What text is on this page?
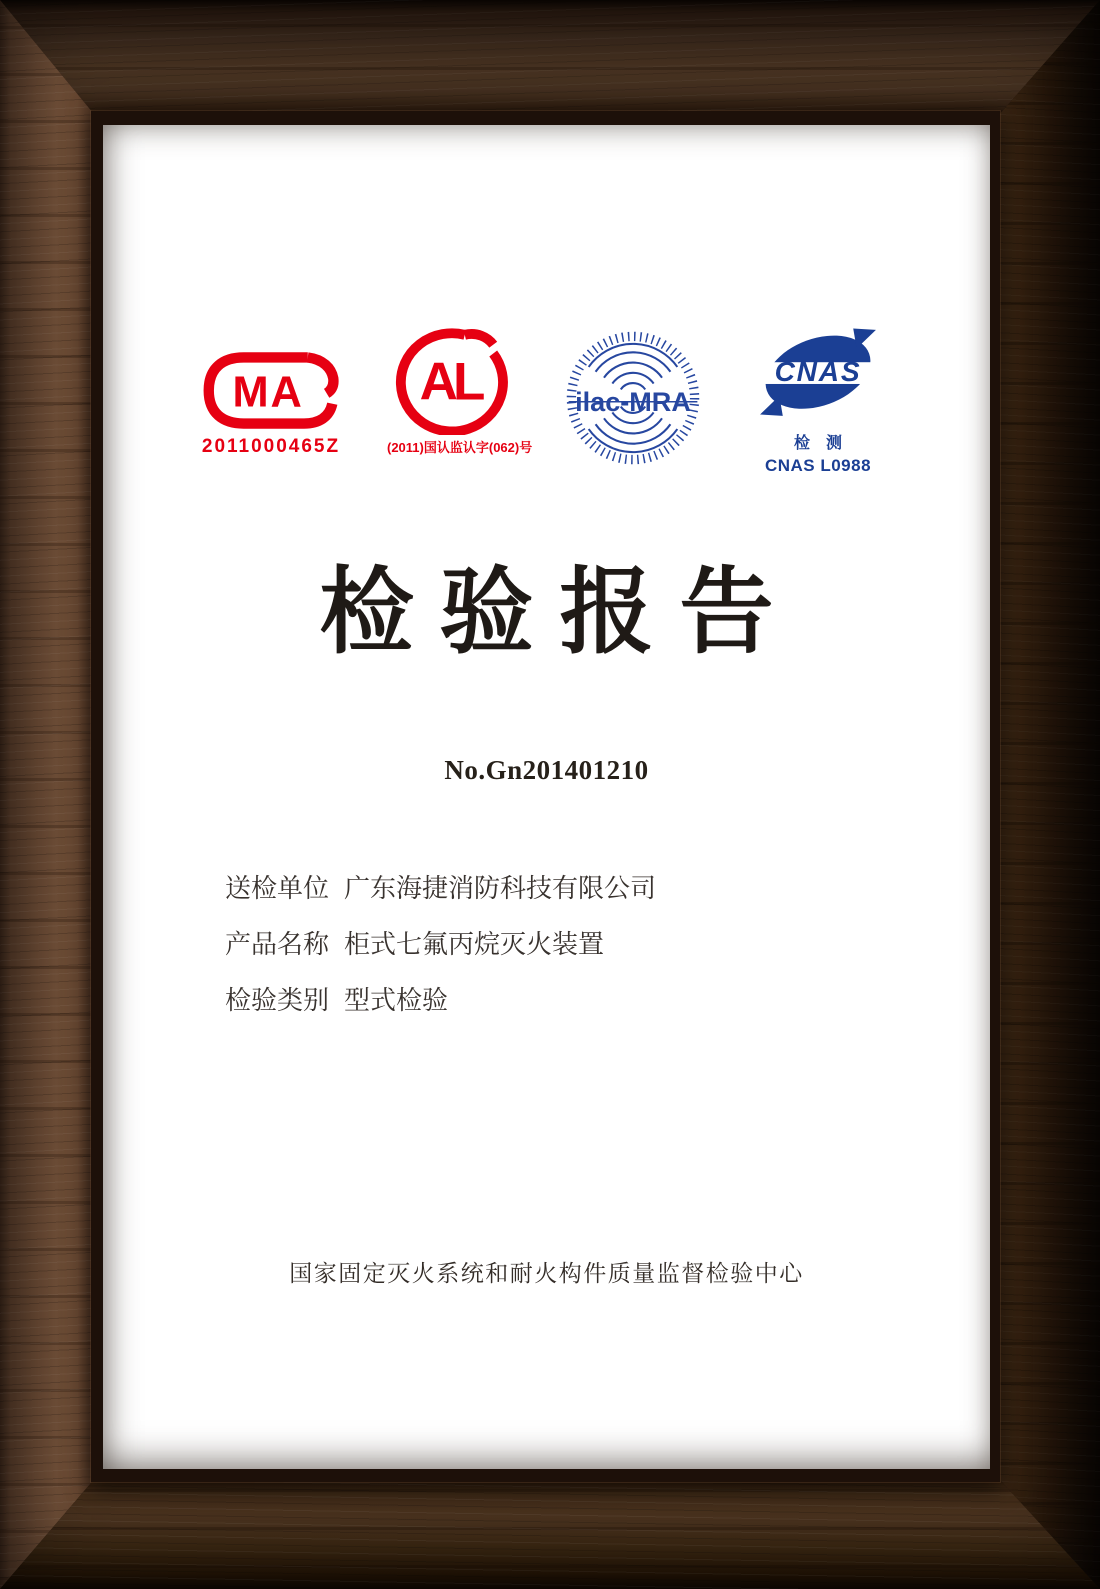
MA
2011000465Z
AL
(2011)国认监认字(062)号
ilac-MRA
CNAS
检测
CNAS L0988
检验报告
No.Gn201401210
送检单位 广东海捷消防科技有限公司
产品名称 柜式七氟丙烷灭火装置
检验类别 型式检验
国家固定灭火系统和耐火构件质量监督检验中心
